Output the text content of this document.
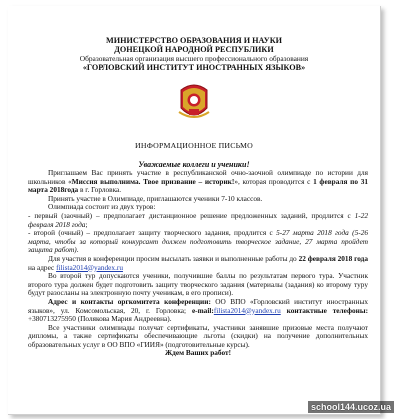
МИНИСТЕРСТВО ОБРАЗОВАНИЯ И НАУКИ
ДОНЕЦКОЙ НАРОДНОЙ РЕСПУБЛИКИ
Образовательная организация высшего профессионального образования
«ГОРЛОВСКИЙ ИНСТИТУТ ИНОСТРАННЫХ ЯЗЫКОВ»
ИНФОРМАЦИОННОЕ ПИСЬМО
Уважаемые коллеги и ученики!

Приглашаем Вас принять участие в республиканской очно-заочной олимпиаде по истории для школьников «Миссия выполнима. Твое призвание – историк!», которая проводится с 1 февраля по 31 марта 2018года в г. Горловка.

Принять участие в Олимпиаде, приглашаются ученики 7-10 классов.

Олимпиада состоит из двух туров:

- первый (заочный) – предполагает дистанционное решение предложенных заданий, продлится с 1-22 февраля 2018 года;

- второй (очный) – предполагает защиту творческого задания, продлится с 5-27 марта 2018 года (5-26 марта, чтобы за который конкурсант должен подготовить творческое задание, 27 марта пройдет защита работ).

Для участия в конференции просим высылать заявки и выполненные работы до 22 февраля 2018 года на адрес filista2014@yandex.ru

Во второй тур допускаются ученики, получившие баллы по результатам первого тура. Участник второго тура должен будет подготовить защиту творческого задания (материалы (задания) ко второму туру будут разосланы на электронную почту ученикам, в его прописи).

Адрес и контакты оргкомитета конференции: ОО ВПО «Горловский институт иностранных языков», ул. Комсомольская, 20, г. Горловка; e-mail:filista2014@yandex.ru контактные телефоны: +380713275950 (Полякова Мария Андреевна).

Все участники олимпиады получат сертификаты, участники занявшие призовые места получают дипломы, а также сертификаты обеспечивающие льготы (скидки) на получение дополнительных образовательных услуг в ОО ВПО «ГИИЯ» (подготовительные курсы).

Ждем Ваших работ!

school144.ucoz.ua
